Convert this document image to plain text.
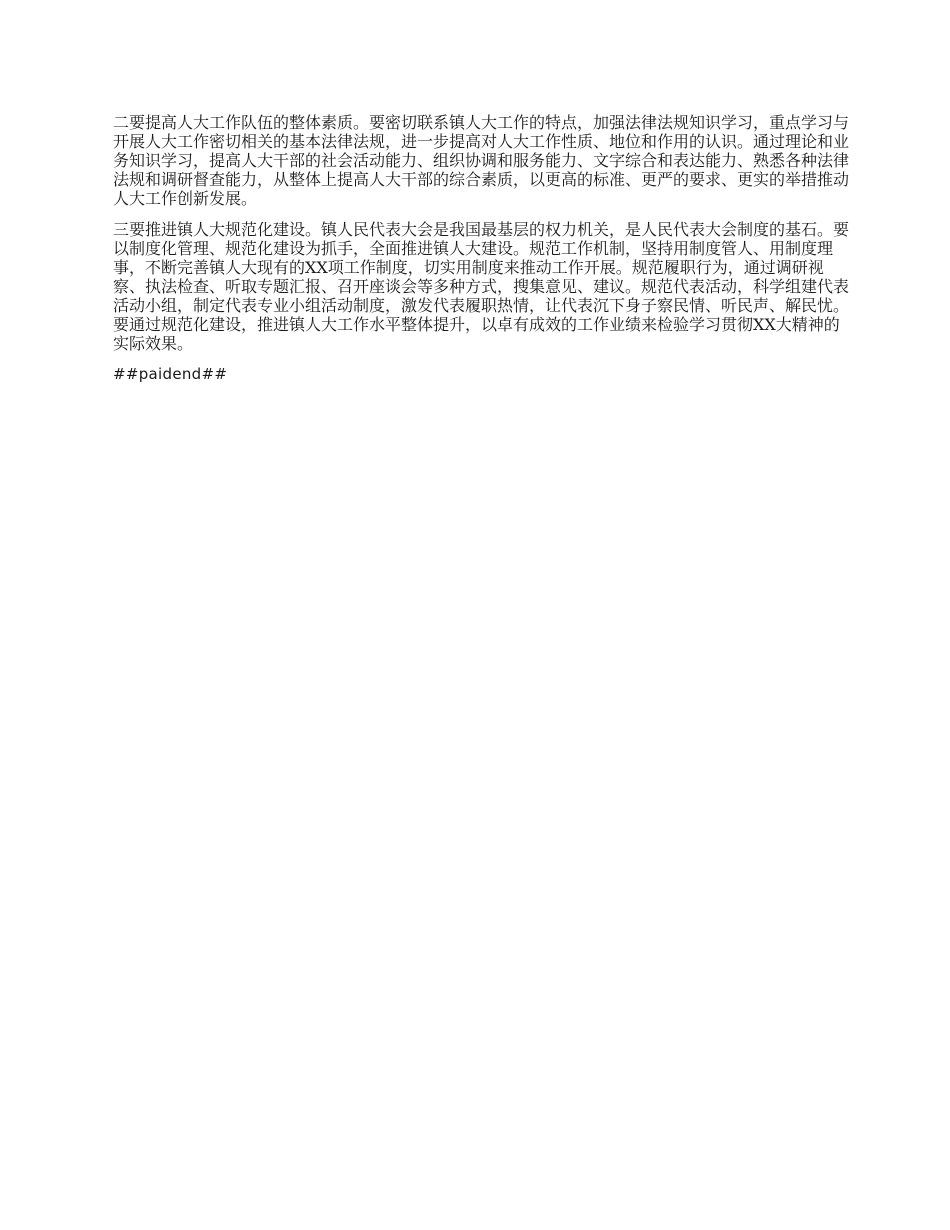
二要提高人大工作队伍的整体素质。要密切联系镇人大工作的特点，加强法律法规知识学习，重点学习与开展人大工作密切相关的基本法律法规，进一步提高对人大工作性质、地位和作用的认识。通过理论和业务知识学习，提高人大干部的社会活动能力、组织协调和服务能力、文字综合和表达能力、熟悉各种法律法规和调研督查能力，从整体上提高人大干部的综合素质，以更高的标准、更严的要求、更实的举措推动人大工作创新发展。

三要推进镇人大规范化建设。镇人民代表大会是我国最基层的权力机关，是人民代表大会制度的基石。要以制度化管理、规范化建设为抓手，全面推进镇人大建设。规范工作机制，坚持用制度管人、用制度理事，不断完善镇人大现有的XX项工作制度，切实用制度来推动工作开展。规范履职行为，通过调研视察、执法检查、听取专题汇报、召开座谈会等多种方式，搜集意见、建议。规范代表活动，科学组建代表活动小组，制定代表专业小组活动制度，激发代表履职热情，让代表沉下身子察民情、听民声、解民忧。要通过规范化建设，推进镇人大工作水平整体提升，以卓有成效的工作业绩来检验学习贯彻XX大精神的实际效果。

##paidend##
